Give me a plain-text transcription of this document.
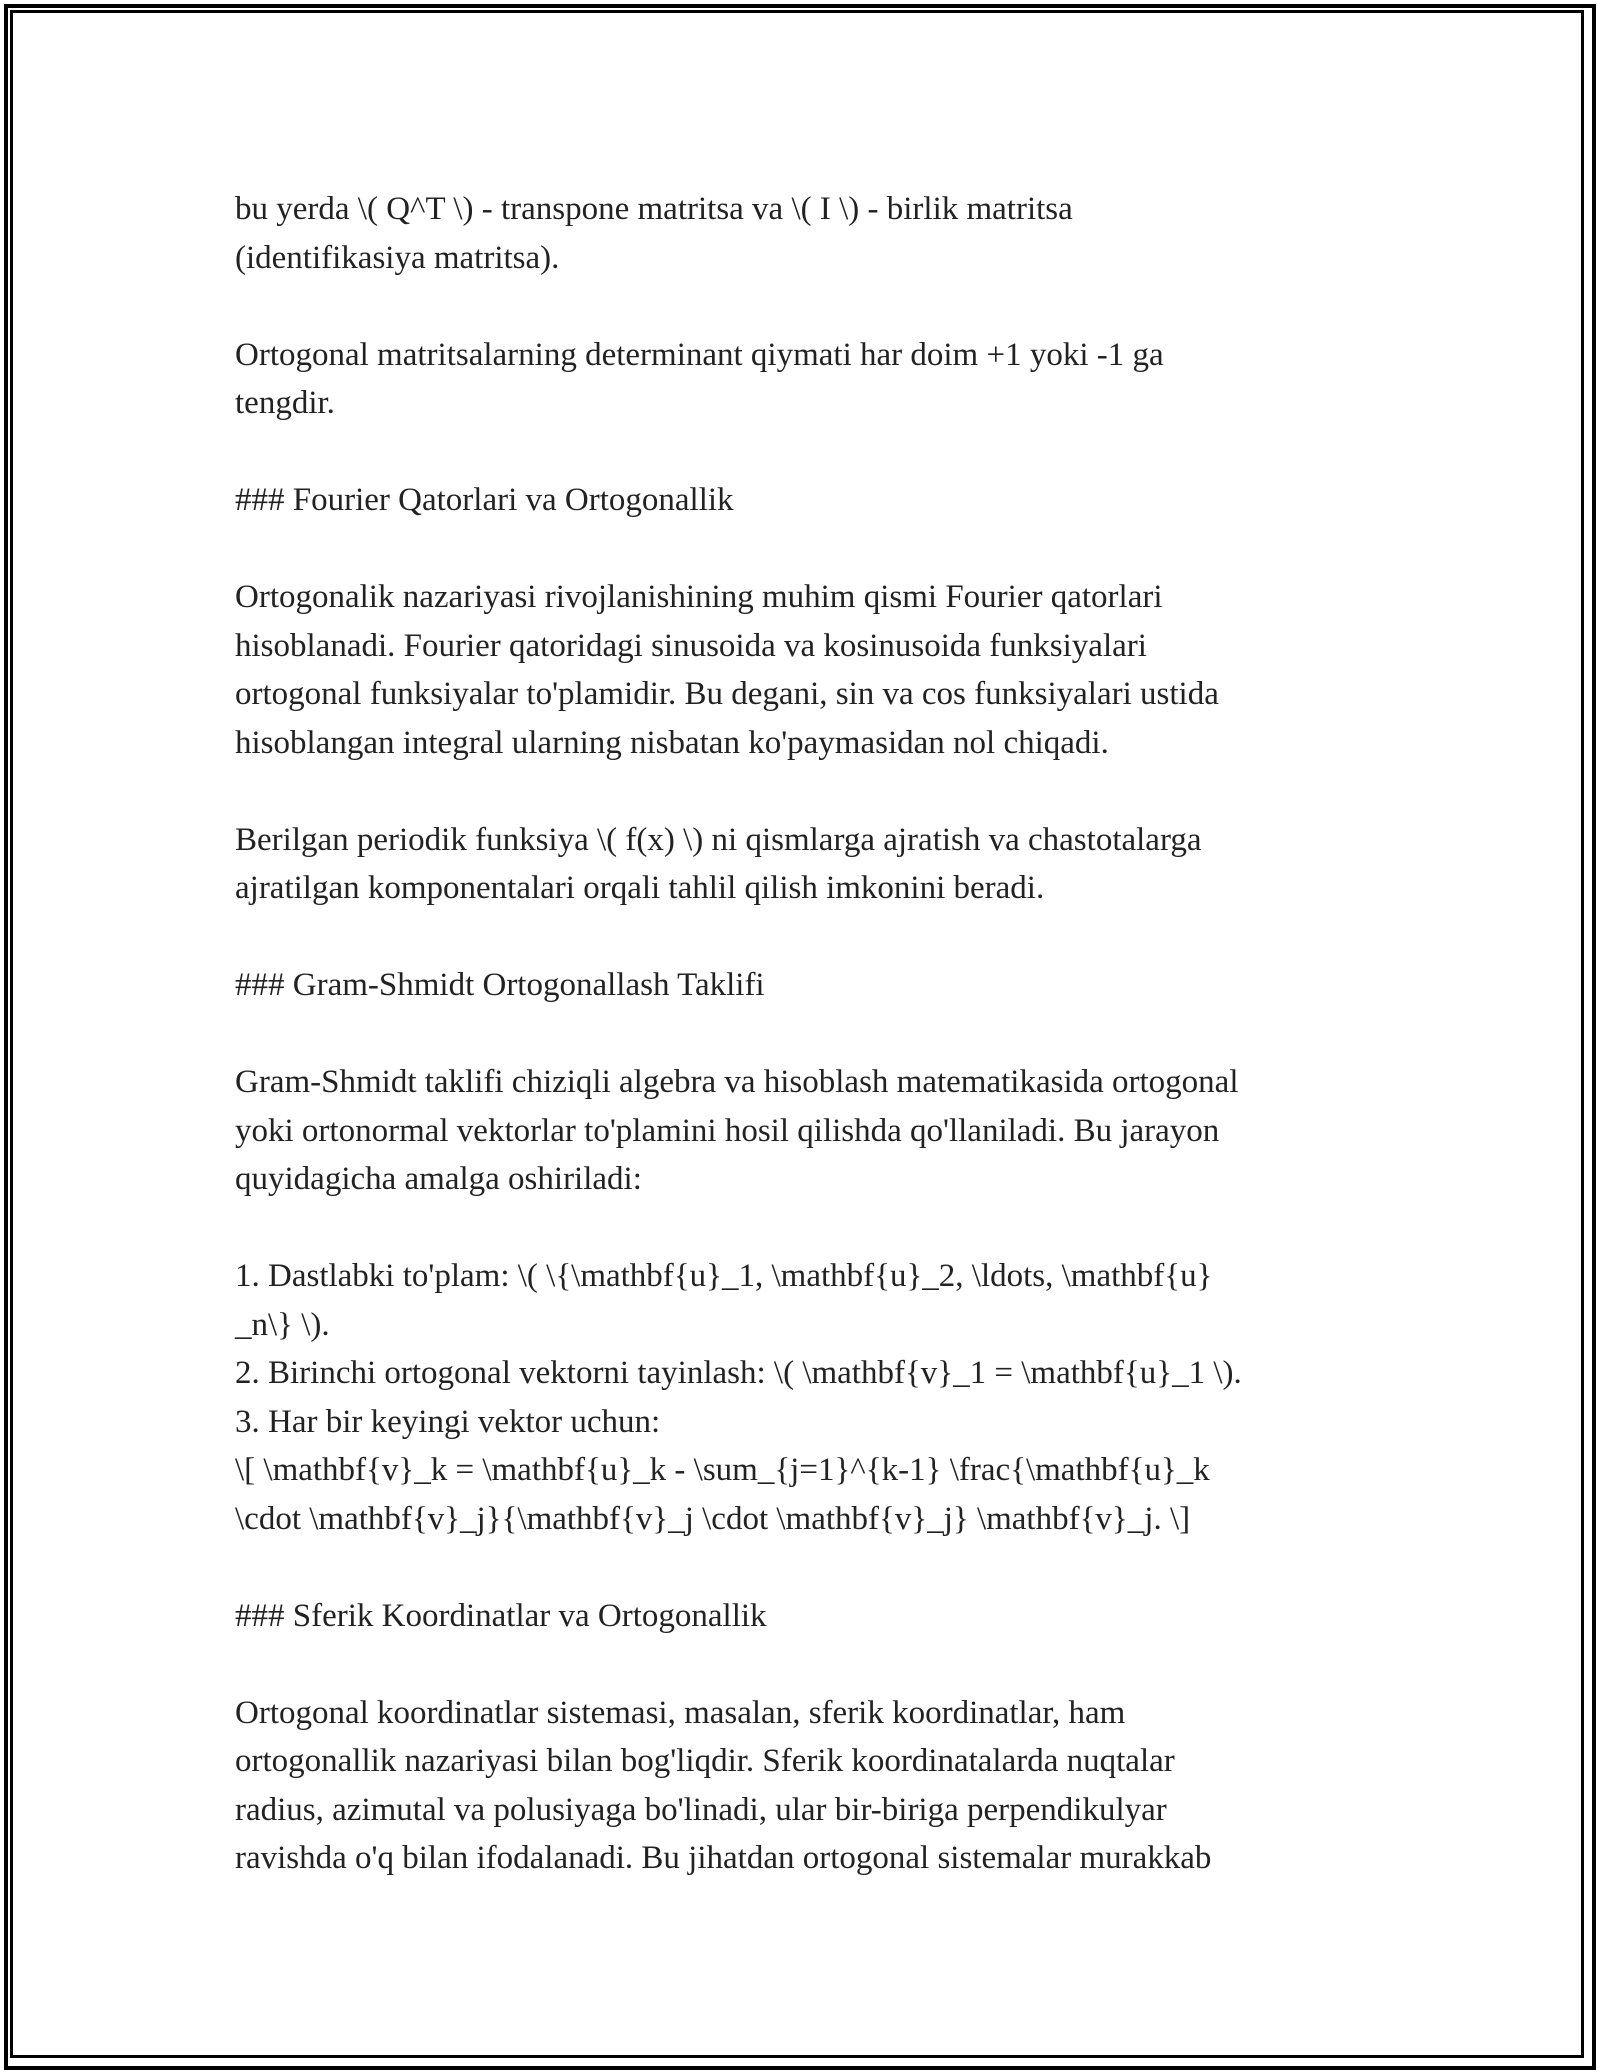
bu yerda \( Q^T \) - transpone matritsa va \( I \) - birlik matritsa
(identifikasiya matritsa).

Ortogonal matritsalarning determinant qiymati har doim +1 yoki -1 ga
tengdir.

### Fourier Qatorlari va Ortogonallik

Ortogonalik nazariyasi rivojlanishining muhim qismi Fourier qatorlari
hisoblanadi. Fourier qatoridagi sinusoida va kosinusoida funksiyalari
ortogonal funksiyalar to'plamidir. Bu degani, sin va cos funksiyalari ustida
hisoblangan integral ularning nisbatan ko'paymasidan nol chiqadi.

Berilgan periodik funksiya \( f(x) \) ni qismlarga ajratish va chastotalarga
ajratilgan komponentalari orqali tahlil qilish imkonini beradi.

### Gram-Shmidt Ortogonallash Taklifi

Gram-Shmidt taklifi chiziqli algebra va hisoblash matematikasida ortogonal
yoki ortonormal vektorlar to'plamini hosil qilishda qo'llaniladi. Bu jarayon
quyidagicha amalga oshiriladi:

1. Dastlabki to'plam: \( \{\mathbf{u}_1, \mathbf{u}_2, \ldots, \mathbf{u}
_n\} \).
2. Birinchi ortogonal vektorni tayinlash: \( \mathbf{v}_1 = \mathbf{u}_1 \).
3. Har bir keyingi vektor uchun:
\[ \mathbf{v}_k = \mathbf{u}_k - \sum_{j=1}^{k-1} \frac{\mathbf{u}_k
\cdot \mathbf{v}_j}{\mathbf{v}_j \cdot \mathbf{v}_j} \mathbf{v}_j. \]

### Sferik Koordinatlar va Ortogonallik

Ortogonal koordinatlar sistemasi, masalan, sferik koordinatlar, ham
ortogonallik nazariyasi bilan bog'liqdir. Sferik koordinatalarda nuqtalar
radius, azimutal va polusiyaga bo'linadi, ular bir-biriga perpendikulyar
ravishda o'q bilan ifodalanadi. Bu jihatdan ortogonal sistemalar murakkab
